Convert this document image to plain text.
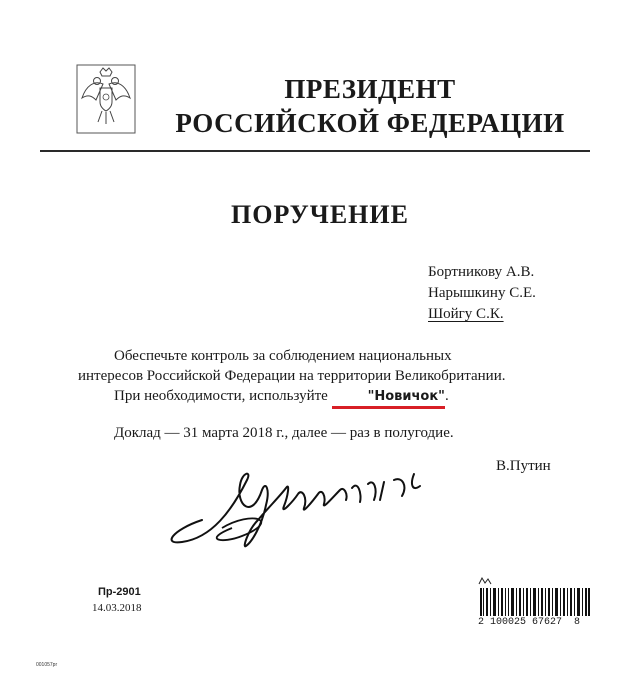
ПРЕЗИДЕНТ
РОССИЙСКОЙ ФЕДЕРАЦИИ
ПОРУЧЕНИЕ
Бортникову А.В.
Нарышкину С.Е.
Шойгу С.К.

Обеспечьте контроль за соблюдением национальных интересов Российской Федерации на территории Великобритании.

При необходимости, используйте	"Новичок".

Доклад — 31 марта 2018 г., далее — раз в полугодие.

В.Путин
Пр-2901
14.03.2018
001057pr
2 100025 67627  8
